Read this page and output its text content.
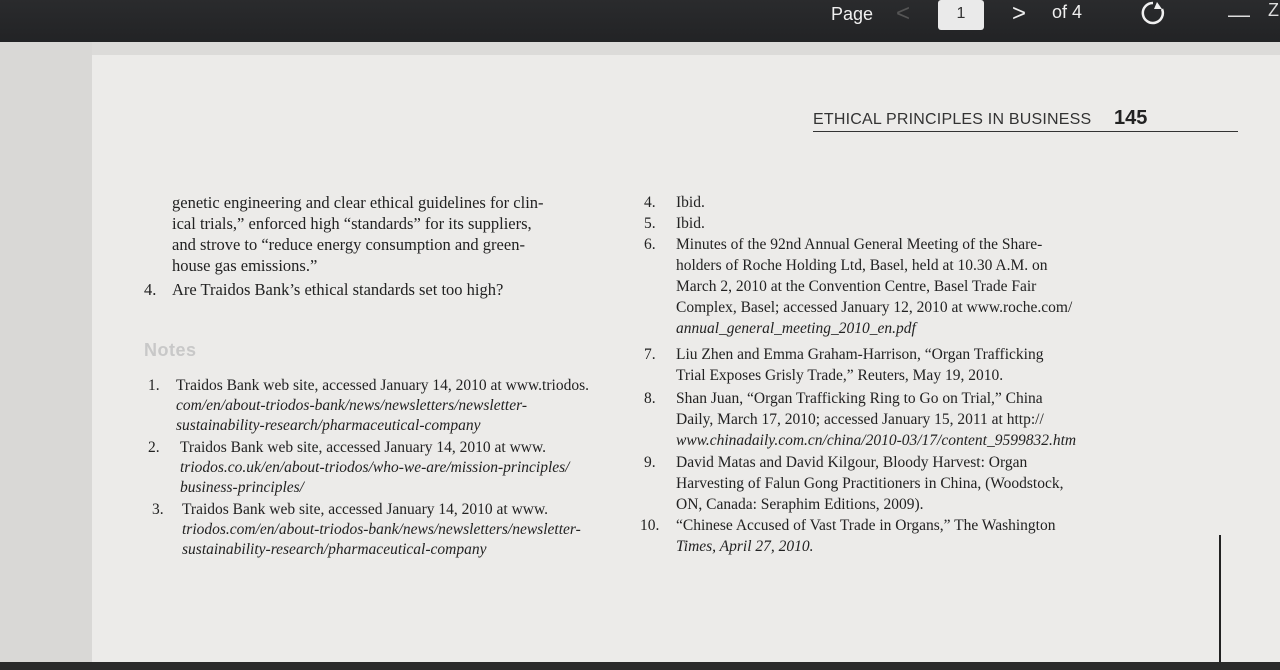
Page <	1	> of 4	— Z
ETHICAL PRINCIPLES IN BUSINESS 145
genetic engineering and clear ethical guidelines for clin-
ical trials,” enforced high “standards” for its suppliers,
and strove to “reduce energy consumption and green-
house gas emissions.”
4. Are Traidos Bank’s ethical standards set too high?
Notes
1. Traidos Bank web site, accessed January 14, 2010 at www.triodos.
com/en/about-triodos-bank/news/newsletters/newsletter-
sustainability-research/pharmaceutical-company
2. Traidos Bank web site, accessed January 14, 2010 at www.
triodos.co.uk/en/about-triodos/who-we-are/mission-principles/
business-principles/
3. Traidos Bank web site, accessed January 14, 2010 at www.
triodos.com/en/about-triodos-bank/news/newsletters/newsletter-
sustainability-research/pharmaceutical-company
4. Ibid.
5. Ibid.
6. Minutes of the 92nd Annual General Meeting of the Share-
holders of Roche Holding Ltd, Basel, held at 10.30 A.M. on
March 2, 2010 at the Convention Centre, Basel Trade Fair
Complex, Basel; accessed January 12, 2010 at www.roche.com/
annual_general_meeting_2010_en.pdf
7. Liu Zhen and Emma Graham-Harrison, “Organ Trafficking
Trial Exposes Grisly Trade,” Reuters, May 19, 2010.
8. Shan Juan, “Organ Trafficking Ring to Go on Trial,” China
Daily, March 17, 2010; accessed January 15, 2011 at http://
www.chinadaily.com.cn/china/2010-03/17/content_9599832.htm
9. David Matas and David Kilgour, Bloody Harvest: Organ
Harvesting of Falun Gong Practitioners in China, (Woodstock,
ON, Canada: Seraphim Editions, 2009).
10. “Chinese Accused of Vast Trade in Organs,” The Washington
Times, April 27, 2010.
